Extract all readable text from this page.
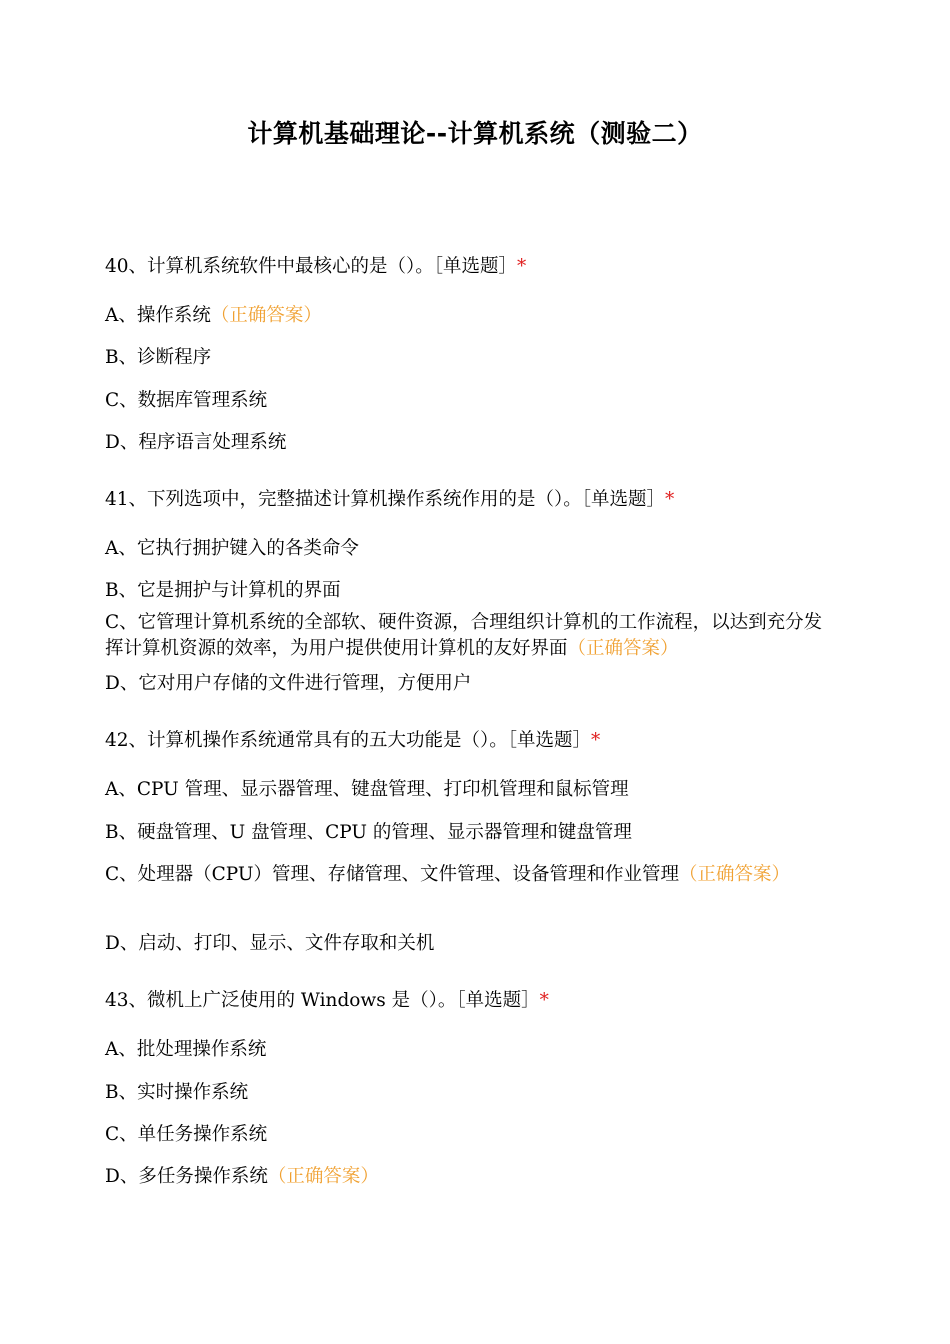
计算机基础理论--计算机系统（测验二）
40、计算机系统软件中最核心的是（）。［单选题］*
A、操作系统（正确答案）
B、诊断程序
C、数据库管理系统
D、程序语言处理系统
41、下列选项中，完整描述计算机操作系统作用的是（）。［单选题］*
A、它执行拥护键入的各类命令
B、它是拥护与计算机的界面
C、它管理计算机系统的全部软、硬件资源，合理组织计算机的工作流程，以达到充分发挥计算机资源的效率，为用户提供使用计算机的友好界面（正确答案）
D、它对用户存储的文件进行管理，方便用户
42、计算机操作系统通常具有的五大功能是（）。［单选题］*
A、CPU 管理、显示器管理、键盘管理、打印机管理和鼠标管理
B、硬盘管理、U 盘管理、CPU 的管理、显示器管理和键盘管理
C、处理器（CPU）管理、存储管理、文件管理、设备管理和作业管理（正确答案）
D、启动、打印、显示、文件存取和关机
43、微机上广泛使用的 Windows 是（）。［单选题］*
A、批处理操作系统
B、实时操作系统
C、单任务操作系统
D、多任务操作系统（正确答案）
